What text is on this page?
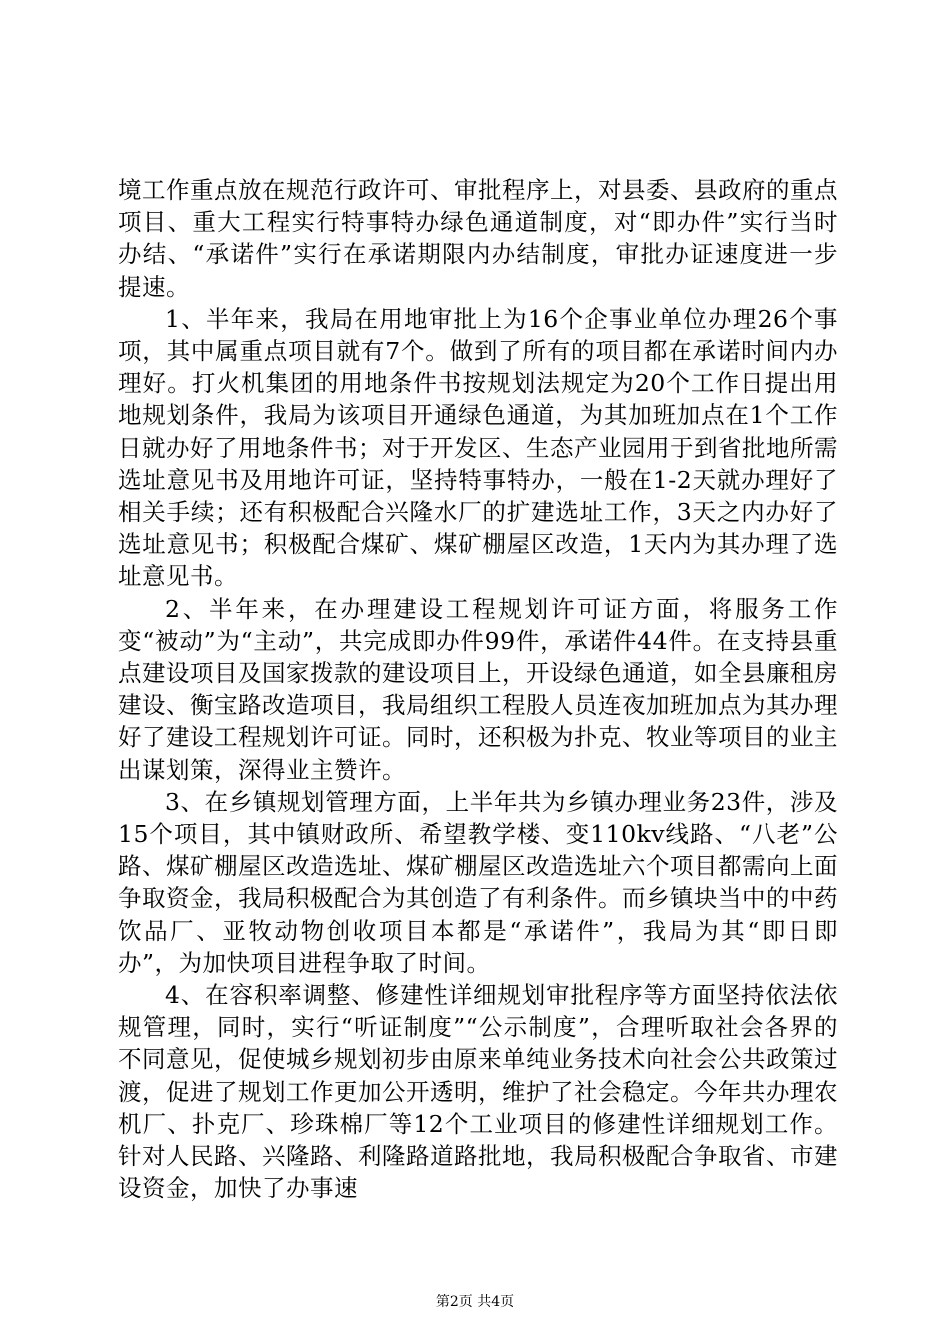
境工作重点放在规范行政许可、审批程序上，对县委、县政府的重点项目、重大工程实行特事特办绿色通道制度，对“即办件”实行当时办结、“承诺件”实行在承诺期限内办结制度，审批办证速度进一步提速。

1、半年来，我局在用地审批上为16个企事业单位办理26个事项，其中属重点项目就有7个。做到了所有的项目都在承诺时间内办理好。打火机集团的用地条件书按规划法规定为20个工作日提出用地规划条件，我局为该项目开通绿色通道，为其加班加点在1个工作日就办好了用地条件书；对于开发区、生态产业园用于到省批地所需选址意见书及用地许可证，坚持特事特办，一般在1-2天就办理好了相关手续；还有积极配合兴隆水厂的扩建选址工作，3天之内办好了选址意见书；积极配合煤矿、煤矿棚屋区改造，1天内为其办理了选址意见书。

2、半年来，在办理建设工程规划许可证方面，将服务工作变“被动”为“主动”，共完成即办件99件，承诺件44件。在支持县重点建设项目及国家拨款的建设项目上，开设绿色通道，如全县廉租房建设、衡宝路改造项目，我局组织工程股人员连夜加班加点为其办理好了建设工程规划许可证。同时，还积极为扑克、牧业等项目的业主出谋划策，深得业主赞许。

3、在乡镇规划管理方面，上半年共为乡镇办理业务23件，涉及15个项目，其中镇财政所、希望教学楼、变110kv线路、“八老”公路、煤矿棚屋区改造选址、煤矿棚屋区改造选址六个项目都需向上面争取资金，我局积极配合为其创造了有利条件。而乡镇块当中的中药饮品厂、亚牧动物创收项目本都是“承诺件”，我局为其“即日即办”，为加快项目进程争取了时间。

4、在容积率调整、修建性详细规划审批程序等方面坚持依法依规管理，同时，实行“听证制度”“公示制度”，合理听取社会各界的不同意见，促使城乡规划初步由原来单纯业务技术向社会公共政策过渡，促进了规划工作更加公开透明，维护了社会稳定。今年共办理农机厂、扑克厂、珍珠棉厂等12个工业项目的修建性详细规划工作。针对人民路、兴隆路、利隆路道路批地，我局积极配合争取省、市建设资金，加快了办事速

第2页 共4页
